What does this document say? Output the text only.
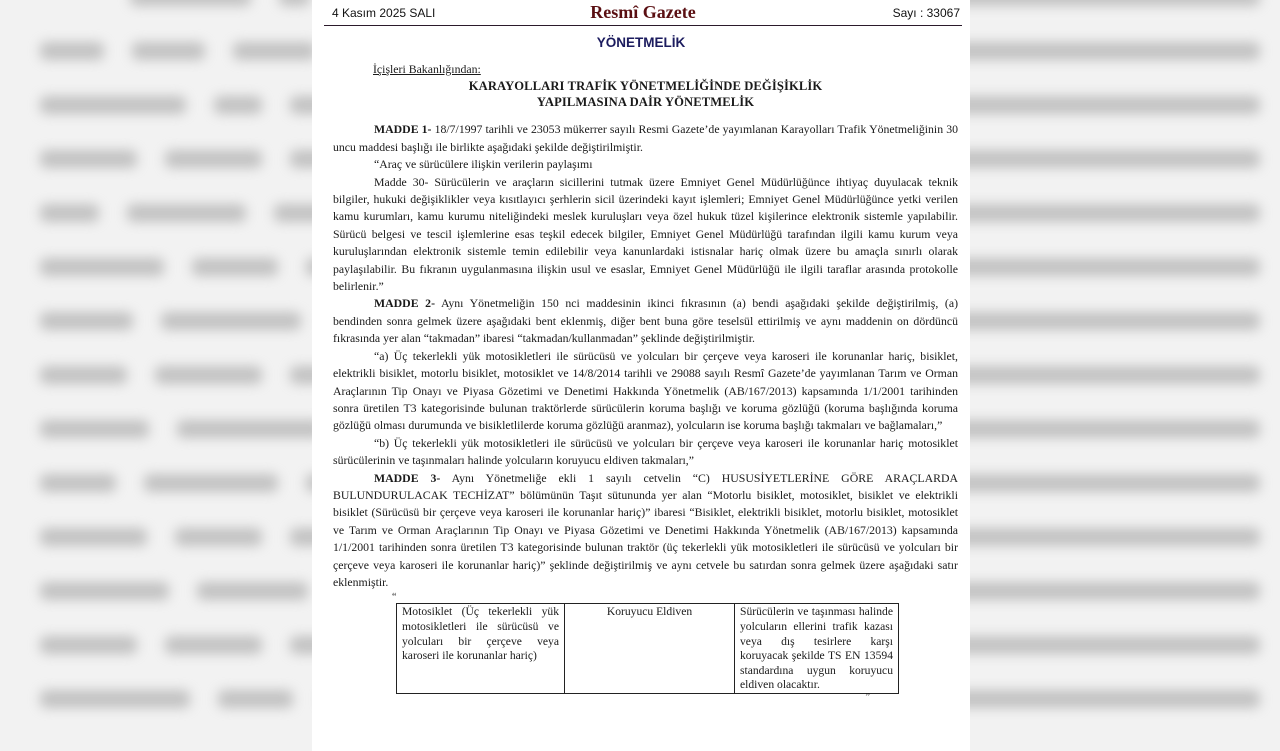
4 Kasım 2025 SALI	Resmî Gazete	Sayı : 33067
YÖNETMELİK
İçişleri Bakanlığından:
KARAYOLLARI TRAFİK YÖNETMELİĞİNDE DEĞİŞİKLİK
YAPILMASINA DAİR YÖNETMELİK

MADDE 1- 18/7/1997 tarihli ve 23053 mükerrer sayılı Resmi Gazete’de yayımlanan Karayolları Trafik Yönetmeliğinin 30 uncu maddesi başlığı ile birlikte aşağıdaki şekilde değiştirilmiştir.

“Araç ve sürücülere ilişkin verilerin paylaşımı

Madde 30- Sürücülerin ve araçların sicillerini tutmak üzere Emniyet Genel Müdürlüğünce ihtiyaç duyulacak teknik bilgiler, hukuki değişiklikler veya kısıtlayıcı şerhlerin sicil üzerindeki kayıt işlemleri; Emniyet Genel Müdürlüğünce yetki verilen kamu kurumları, kamu kurumu niteliğindeki meslek kuruluşları veya özel hukuk tüzel kişilerince elektronik sistemle yapılabilir. Sürücü belgesi ve tescil işlemlerine esas teşkil edecek bilgiler, Emniyet Genel Müdürlüğü tarafından ilgili kamu kurum veya kuruluşlarından elektronik sistemle temin edilebilir veya kanunlardaki istisnalar hariç olmak üzere bu amaçla sınırlı olarak paylaşılabilir. Bu fıkranın uygulanmasına ilişkin usul ve esaslar, Emniyet Genel Müdürlüğü ile ilgili taraflar arasında protokolle belirlenir.”

MADDE 2- Aynı Yönetmeliğin 150 nci maddesinin ikinci fıkrasının (a) bendi aşağıdaki şekilde değiştirilmiş, (a) bendinden sonra gelmek üzere aşağıdaki bent eklenmiş, diğer bent buna göre teselsül ettirilmiş ve aynı maddenin on dördüncü fıkrasında yer alan “takmadan” ibaresi “takmadan/kullanmadan” şeklinde değiştirilmiştir.

“a) Üç tekerlekli yük motosikletleri ile sürücüsü ve yolcuları bir çerçeve veya karoseri ile korunanlar hariç, bisiklet, elektrikli bisiklet, motorlu bisiklet, motosiklet ve 14/8/2014 tarihli ve 29088 sayılı Resmî Gazete’de yayımlanan Tarım ve Orman Araçlarının Tip Onayı ve Piyasa Gözetimi ve Denetimi Hakkında Yönetmelik (AB/167/2013) kapsamında 1/1/2001 tarihinden sonra üretilen T3 kategorisinde bulunan traktörlerde sürücülerin koruma başlığı ve koruma gözlüğü (koruma başlığında koruma gözlüğü olması durumunda ve bisikletlilerde koruma gözlüğü aranmaz), yolcuların ise koruma başlığı takmaları ve bağlamaları,”

“b) Üç tekerlekli yük motosikletleri ile sürücüsü ve yolcuları bir çerçeve veya karoseri ile korunanlar hariç motosiklet sürücülerinin ve taşınmaları halinde yolcuların koruyucu eldiven takmaları,”

MADDE 3- Aynı Yönetmeliğe ekli 1 sayılı cetvelin “C) HUSUSİYETLERİNE GÖRE ARAÇLARDA BULUNDURULACAK TECHİZAT” bölümünün Taşıt sütununda yer alan “Motorlu bisiklet, motosiklet, bisiklet ve elektrikli bisiklet (Sürücüsü bir çerçeve veya karoseri ile korunanlar hariç)” ibaresi “Bisiklet, elektrikli bisiklet, motorlu bisiklet, motosiklet ve Tarım ve Orman Araçlarının Tip Onayı ve Piyasa Gözetimi ve Denetimi Hakkında Yönetmelik (AB/167/2013) kapsamında 1/1/2001 tarihinden sonra üretilen T3 kategorisinde bulunan traktör (üç tekerlekli yük motosikletleri ile sürücüsü ve yolcuları bir çerçeve veya karoseri ile korunanlar hariç)” şeklinde değiştirilmiş ve aynı cetvele bu satırdan sonra gelmek üzere aşağıdaki satır eklenmiştir.

“
Motosiklet (Üç tekerlekli yük motosikletleri ile sürücüsü ve yolcuları bir çerçeve veya karoseri ile korunanlar hariç)	Koruyucu Eldiven	Sürücülerin ve taşınması halinde yolcuların ellerini trafik kazası veya dış tesirlere karşı koruyacak şekilde TS EN 13594 standardına uygun koruyucu eldiven olacaktır.
”
